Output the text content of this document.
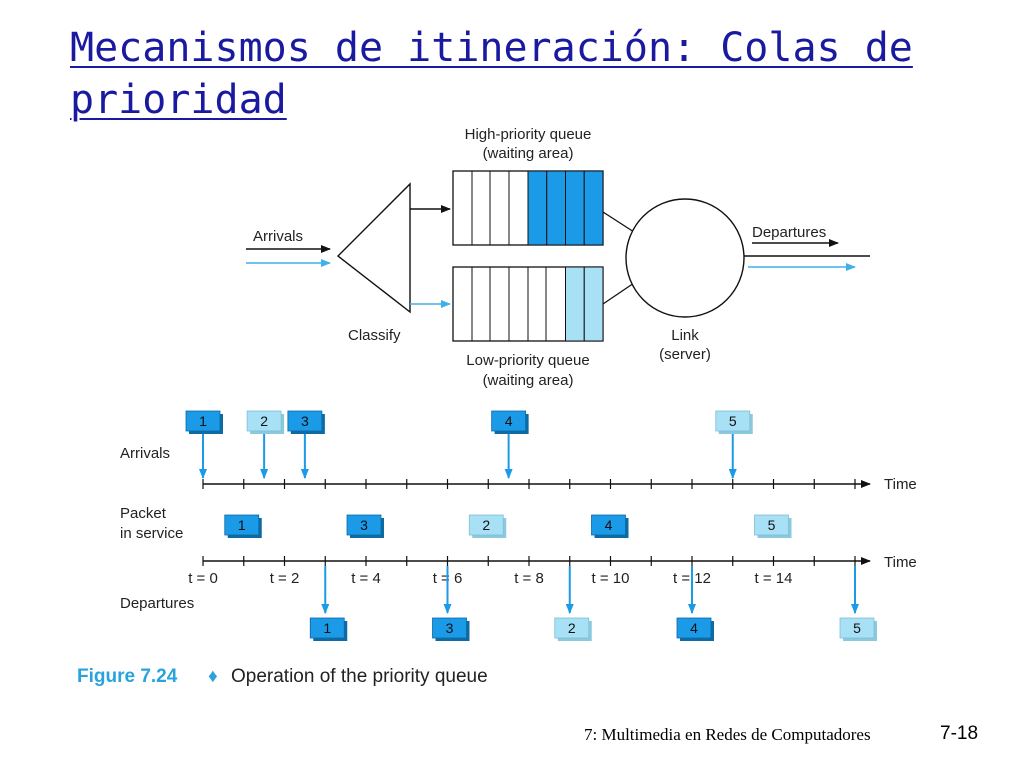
Mecanismos de itineración: Colas de prioridad
Arrivals
Classify
High-priority queue
(waiting area)
Low-priority queue
(waiting area)
Link
(server)
Departures
Arrivals
Packet
in service
Departures
Time
Time
t = 0	t = 2	t = 4	t = 6	t = 8	t = 10	t = 12	t = 14
1	2 3	4	5
1	3	2	4	5
1	3	2	4	5
Figure 7.24 ♦ Operation of the priority queue
7: Multimedia en Redes de Computadores	7-18
